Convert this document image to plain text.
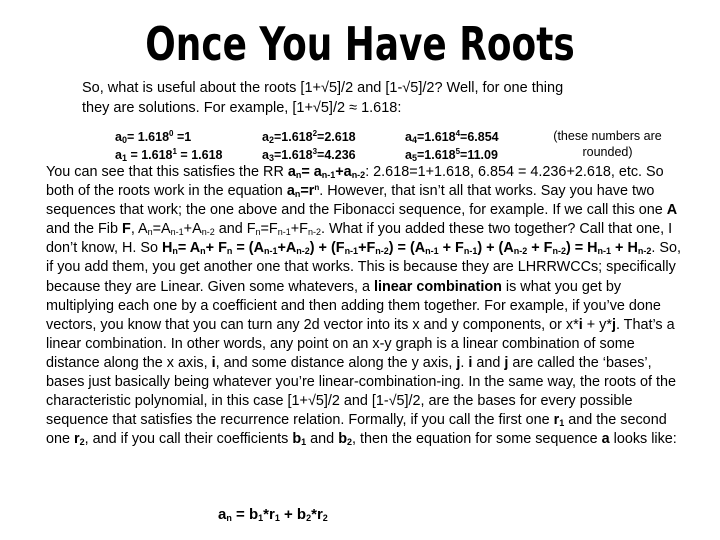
Once You Have Roots
So, what is useful about the roots [1+√5]/2 and [1-√5]/2? Well, for one thing
they are solutions. For example, [1+√5]/2 ≈ 1.618:
$a_0= 1.618^0 =1$
$a_1 = 1.618^1 = 1.618$
$a_2=1.618^2=2.618$
$a_3=1.618^3=4.236$
$a_4=1.618^4=6.854$
$a_5=1.618^5=11.09$
(these numbers are rounded)
You can see that this satisfies the RR $a_n= a_{n-1}+a_{n-2}$: 2.618=1+1.618, 6.854 = 4.236+2.618, etc. So both of the roots work in the equation $a_n=r^n$. However, that isn’t all that works. Say you have two sequences that work; the one above and the Fibonacci sequence, for example. If we call this one A and the Fib F, $A_n=A_{n-1}+A_{n-2}$ and $F_n=F_{n-1}+F_{n-2}$. What if you added these two together? Call that one, I don’t know, H. So $H_n= A_n+ F_n = (A_{n-1}+A_{n-2}) + (F_{n-1}+F_{n-2}) = (A_{n-1} + F_{n-1}) + (A_{n-2} + F_{n-2}) = H_{n-1} + H_{n-2}$. So, if you add them, you get another one that works. This is because they are LHRRWCCs; specifically because they are Linear. Given some whatevers, a linear combination is what you get by multiplying each one by a coefficient and then adding them together. For example, if you’ve done vectors, you know that you can turn any 2d vector into its x and y components, or x*i + y*j. That’s a linear combination. In other words, any point on an x-y graph is a linear combination of some distance along the x axis, i, and some distance along the y axis, j. i and j are called the ‘bases’, bases just basically being whatever you’re linear-combination-ing. In the same way, the roots of the characteristic polynomial, in this case [1+√5]/2 and [1-√5]/2, are the bases for every possible sequence that satisfies the recurrence relation. Formally, if you call the first one $r_1$ and the second one $r_2$, and if you call their coefficients $b_1$ and $b_2$, then the equation for some sequence a looks like:
$a_n = b_1*r_1 + b_2*r_2$
